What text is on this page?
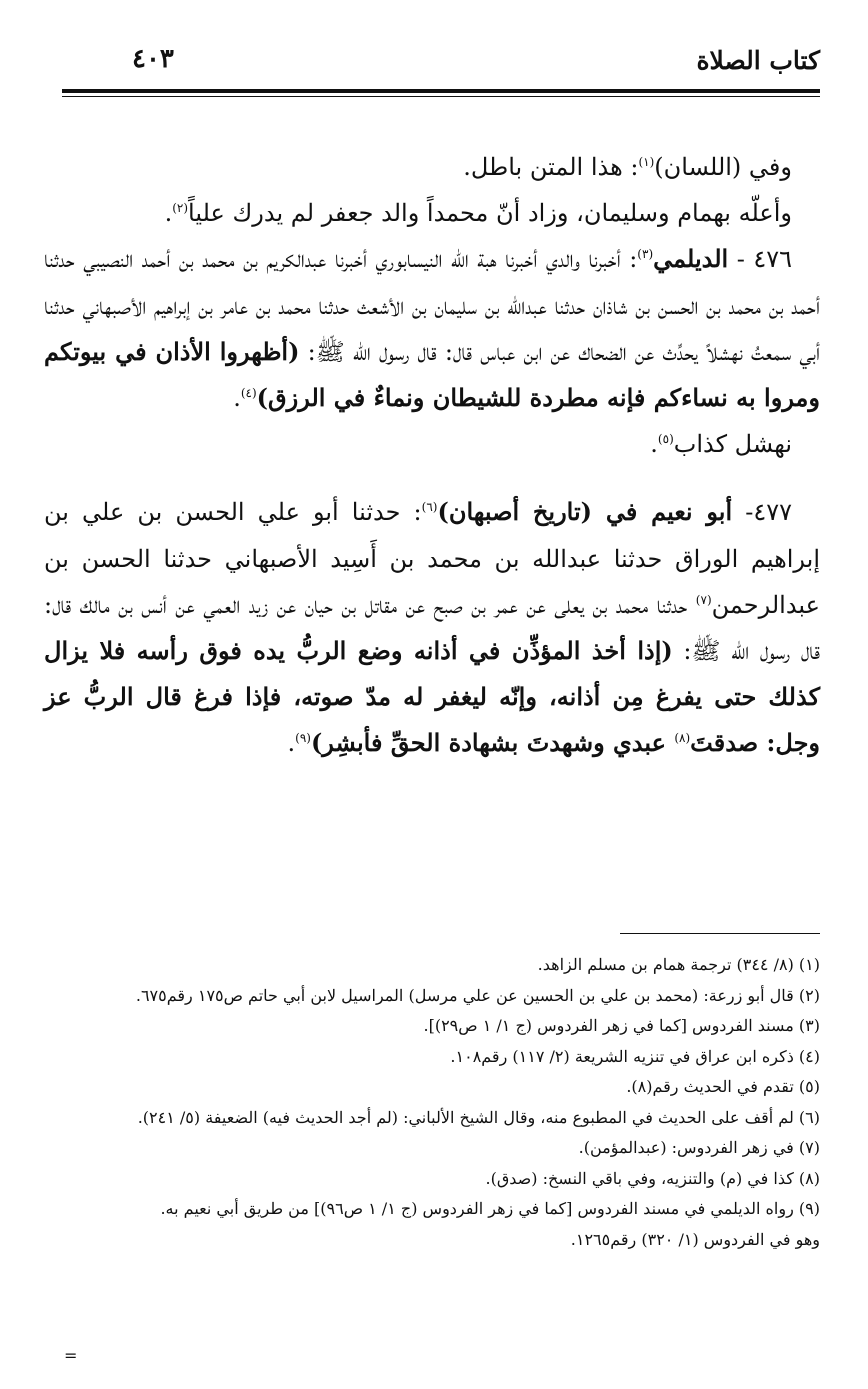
كتاب الصلاة
٤٠٣

وفي (اللسان)$^{(١)}$: هذا المتن باطل.

وأعلّه بهمام وسليمان، وزاد أنّ محمداً والد جعفر لم يدرك علياً$^{(٢)}$.

٤٧٦ - الديلمي$^{(٣)}$: أخبرنا والدي أخبرنا هبة الله النيسابوري أخبرنا عبدالكريم بن محمد بن أحمد النصيبي حدثنا أحمد بن محمد بن الحسن بن شاذان حدثنا عبدالله بن سليمان بن الأشعث حدثنا محمد بن عامر بن إبراهيم الأصبهاني حدثنا أبي سمعتُ نهشلاً يحدِّث عن الضحاك عن ابن عباس قال: قال رسول الله ﷺ: (أظهروا الأذان في بيوتكم ومروا به نساءكم فإنه مطردة للشيطان ونماءٌ في الرزق)$^{(٤)}$.

نهشل كذاب$^{(٥)}$.

٤٧٧- أبو نعيم في (تاريخ أصبهان)$^{(٦)}$: حدثنا أبو علي الحسن بن علي بن إبراهيم الوراق حدثنا عبدالله بن محمد بن أَسِيد الأصبهاني حدثنا الحسن بن عبدالرحمن$^{(٧)}$ حدثنا محمد بن يعلى عن عمر بن صبح عن مقاتل بن حيان عن زيد العمي عن أنس بن مالك قال: قال رسول الله ﷺ: (إذا أخذ المؤذِّن في أذانه وضع الربُّ يده فوق رأسه فلا يزال كذلك حتى يفرغ مِن أذانه، وإنّه ليغفر له مدّ صوته، فإذا فرغ قال الربُّ عز وجل: صدقتَ$^{(٨)}$ عبدي وشهدتَ بشهادة الحقِّ فأبشِر)$^{(٩)}$.

(١) (٨/ ٣٤٤) ترجمة همام بن مسلم الزاهد.

(٢) قال أبو زرعة: (محمد بن علي بن الحسين عن علي مرسل) المراسيل لابن أبي حاتم ص١٧٥ رقم٦٧٥.

(٣) مسند الفردوس [كما في زهر الفردوس (ج ١/ ١ ص٢٩)].

(٤) ذكره ابن عراق في تنزيه الشريعة (٢/ ١١٧) رقم١٠٨.

(٥) تقدم في الحديث رقم(٨).

(٦) لم أقف على الحديث في المطبوع منه، وقال الشيخ الألباني: (لم أجد الحديث فيه) الضعيفة (٥/ ٢٤١).

(٧) في زهر الفردوس: (عبدالمؤمن).

(٨) كذا في (م) والتنزيه، وفي باقي النسخ: (صدق).

(٩) رواه الديلمي في مسند الفردوس [كما في زهر الفردوس (ج ١/ ١ ص٩٦)] من طريق أبي نعيم به.

وهو في الفردوس (١/ ٣٢٠) رقم١٢٦٥.

=
